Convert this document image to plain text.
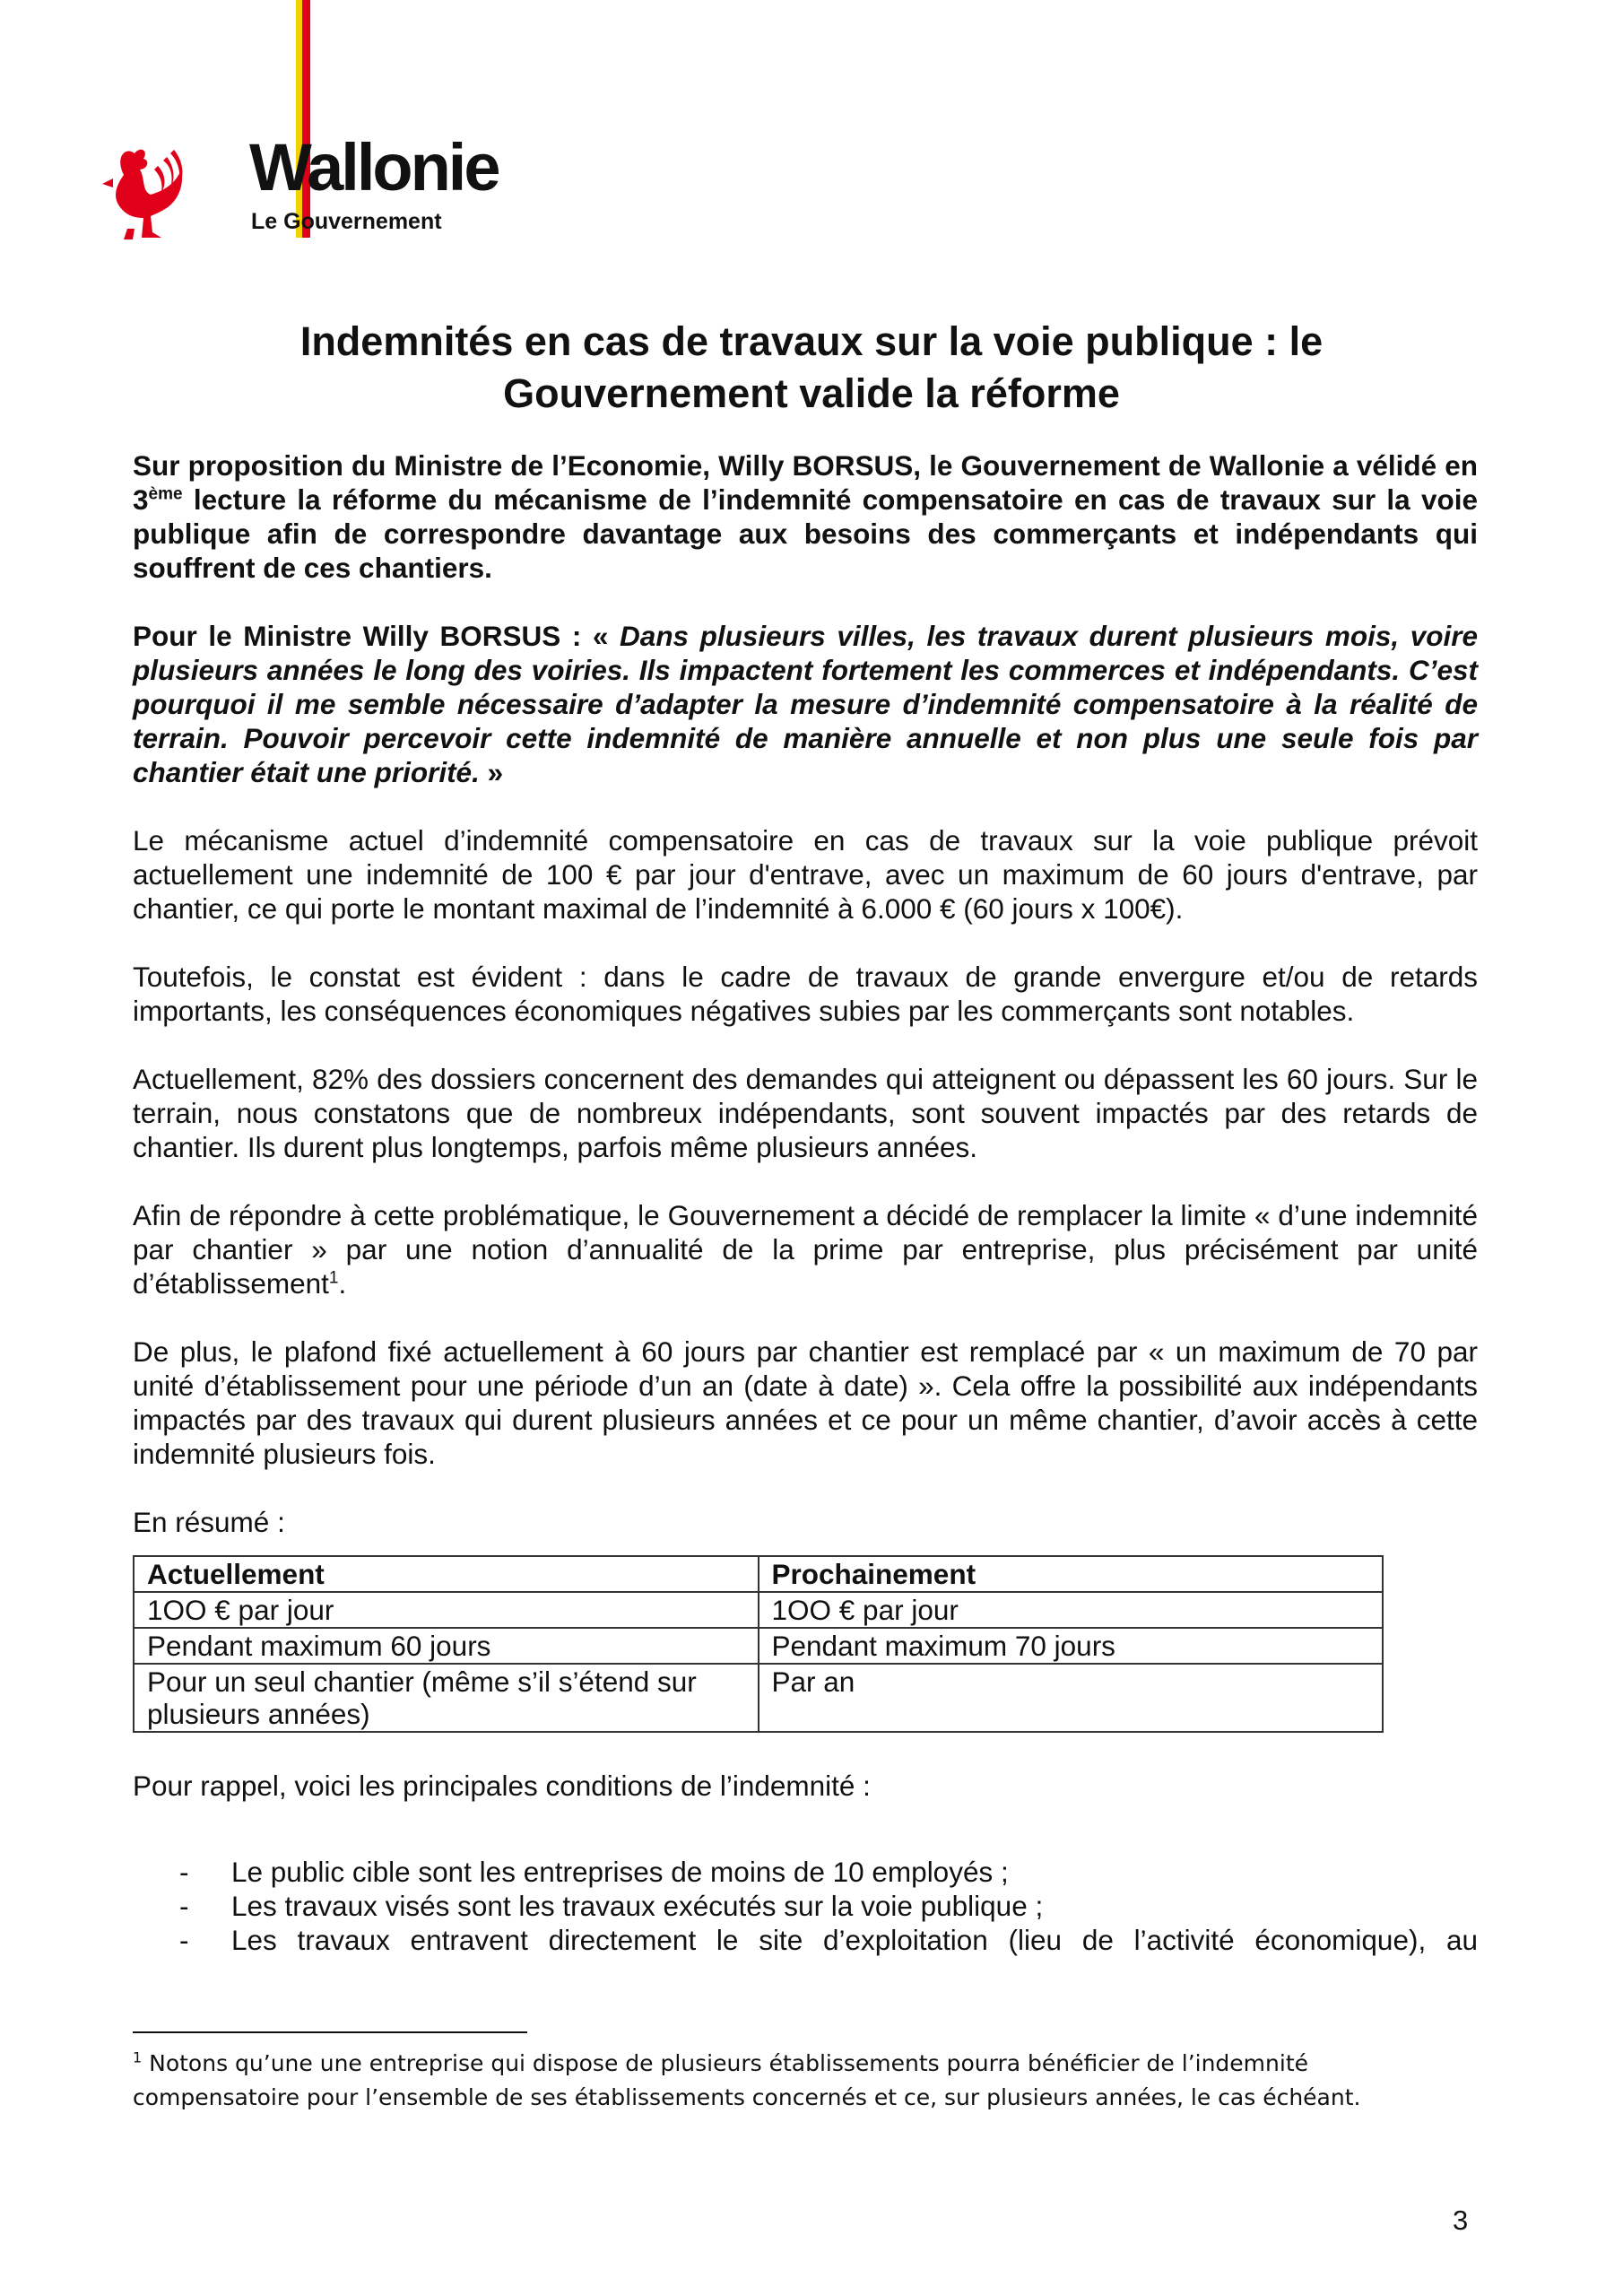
Wallonie
Le Gouvernement
Indemnités en cas de travaux sur la voie publique : le
Gouvernement valide la réforme

Sur proposition du Ministre de l’Economie, Willy BORSUS, le Gouvernement de Wallonie a vélidé en 3ème lecture la réforme du mécanisme de l’indemnité compensatoire en cas de travaux sur la voie publique afin de correspondre davantage aux besoins des commerçants et indépendants qui souffrent de ces chantiers.

Pour le Ministre Willy BORSUS : « Dans plusieurs villes, les travaux durent plusieurs mois, voire plusieurs années le long des voiries. Ils impactent fortement les commerces et indépendants. C’est pourquoi il me semble nécessaire d’adapter la mesure d’indemnité compensatoire à la réalité de terrain. Pouvoir percevoir cette indemnité de manière annuelle et non plus une seule fois par chantier était une priorité. »

Le mécanisme actuel d’indemnité compensatoire en cas de travaux sur la voie publique prévoit actuellement une indemnité de 100 € par jour d'entrave, avec un maximum de 60 jours d'entrave, par chantier, ce qui porte le montant maximal de l’indemnité à 6.000 € (60 jours x 100€).

Toutefois, le constat est évident : dans le cadre de travaux de grande envergure et/ou de retards importants, les conséquences économiques négatives subies par les commerçants sont notables.

Actuellement, 82% des dossiers concernent des demandes qui atteignent ou dépassent les 60 jours. Sur le terrain, nous constatons que de nombreux indépendants, sont souvent impactés par des retards de chantier. Ils durent plus longtemps, parfois même plusieurs années.

Afin de répondre à cette problématique, le Gouvernement a décidé de remplacer la limite « d’une indemnité par chantier » par une notion d’annualité de la prime par entreprise, plus précisément par unité d’établissement$^1$.

De plus, le plafond fixé actuellement à 60 jours par chantier est remplacé par « un maximum de 70 par unité d’établissement pour une période d’un an (date à date) ». Cela offre la possibilité aux indépendants impactés par des travaux qui durent plusieurs années et ce pour un même chantier, d’avoir accès à cette indemnité plusieurs fois.

En résumé :

Actuellement	Prochainement
1OO € par jour	1OO € par jour
Pendant maximum 60 jours	Pendant maximum 70 jours
Pour un seul chantier (même s’il s’étend sur plusieurs années)	Par an

Pour rappel, voici les principales conditions de l’indemnité :

- Le public cible sont les entreprises de moins de 10 employés ;
- Les travaux visés sont les travaux exécutés sur la voie publique ;
- Les travaux entravent directement le site d’exploitation (lieu de l’activité économique), au
$^1$ Notons qu’une une entreprise qui dispose de plusieurs établissements pourra bénéficier de l’indemnité compensatoire pour l’ensemble de ses établissements concernés et ce, sur plusieurs années, le cas échéant.
3
